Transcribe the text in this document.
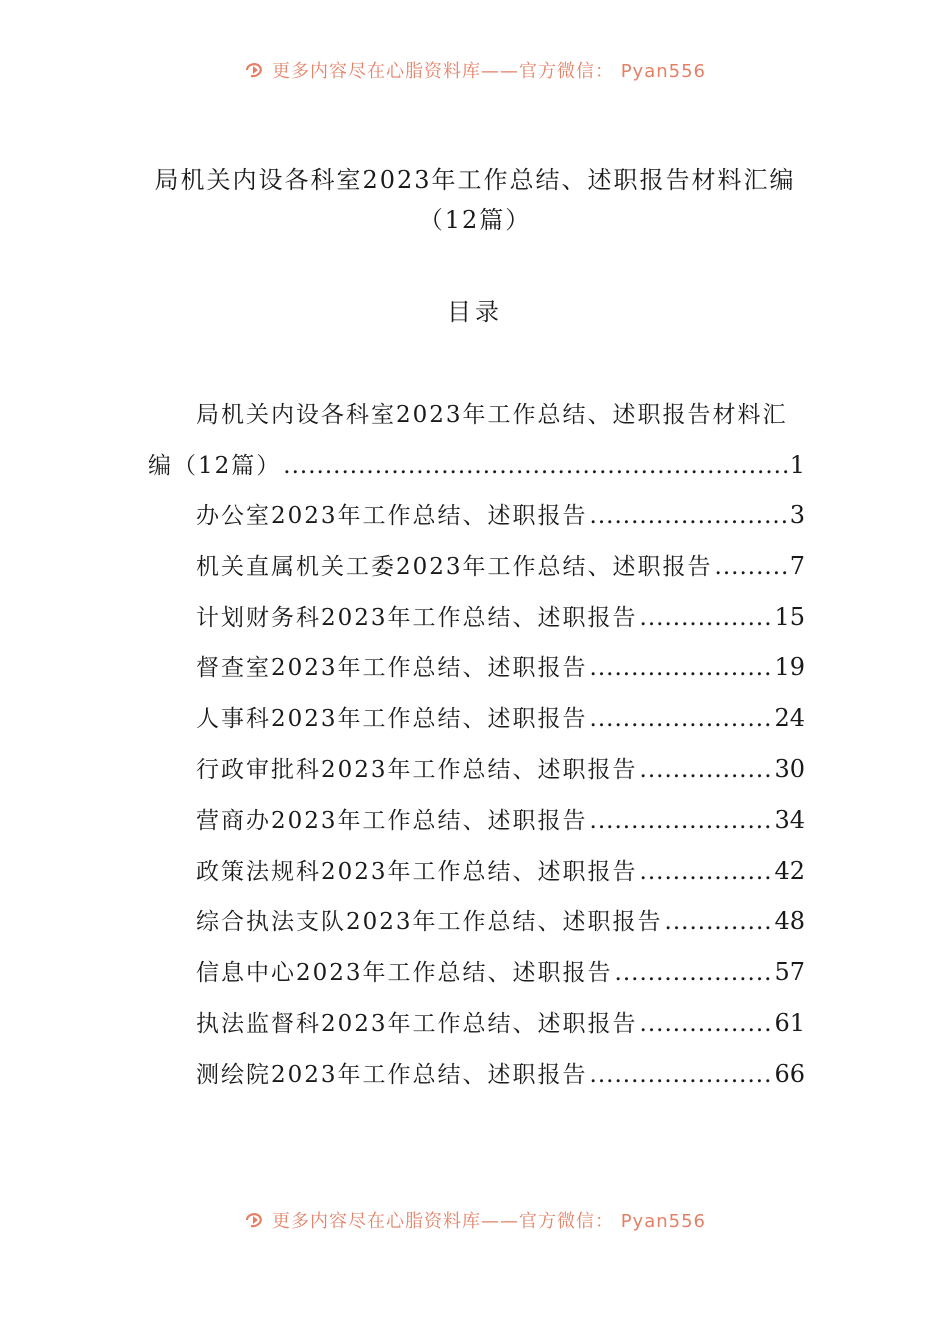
更多内容尽在心脂资料库——官方微信： Pyan556
局机关内设各科室2023年工作总结、述职报告材料汇编
（12篇）
目录
局机关内设各科室2023年工作总结、述职报告材料汇
编（12篇） .....	1
办公室2023年工作总结、述职报告 .....	3
机关直属机关工委2023年工作总结、述职报告 .....	7
计划财务科2023年工作总结、述职报告 .....	15
督查室2023年工作总结、述职报告 .....	19
人事科2023年工作总结、述职报告 .....	24
行政审批科2023年工作总结、述职报告 .....	30
营商办2023年工作总结、述职报告 .....	34
政策法规科2023年工作总结、述职报告 .....	42
综合执法支队2023年工作总结、述职报告 .....	48
信息中心2023年工作总结、述职报告 .....	57
执法监督科2023年工作总结、述职报告 .....	61
测绘院2023年工作总结、述职报告 .....	66
更多内容尽在心脂资料库——官方微信： Pyan556
